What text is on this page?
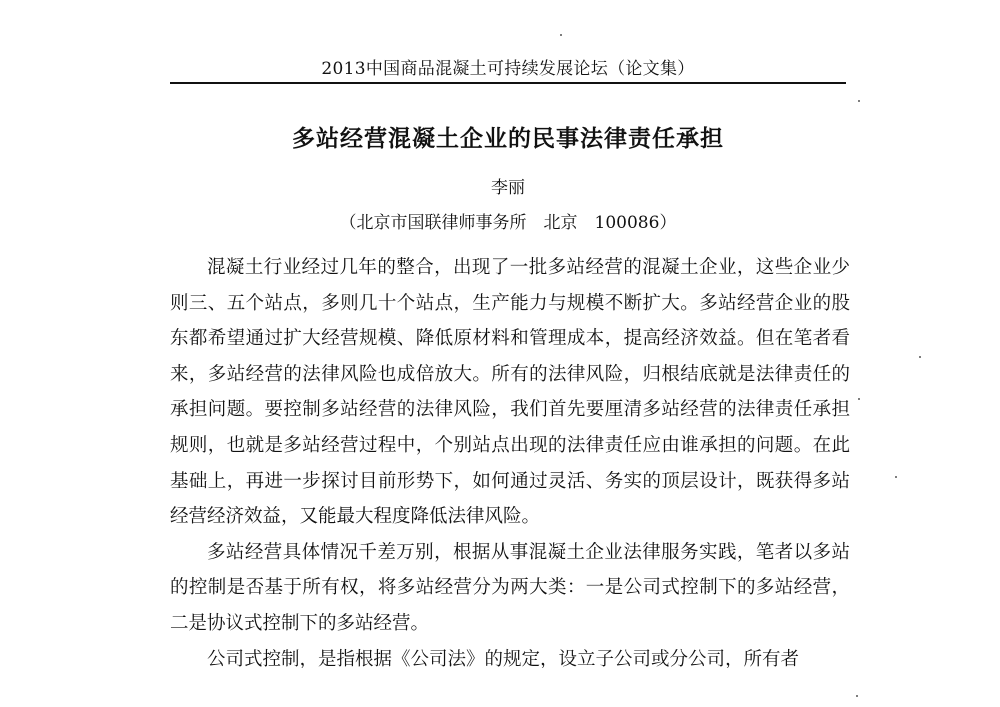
2013中国商品混凝土可持续发展论坛（论文集）
多站经营混凝土企业的民事法律责任承担
李丽
（北京市国联律师事务所　北京　100086）

混凝土行业经过几年的整合，出现了一批多站经营的混凝土企业，这些企业少则三、五个站点，多则几十个站点，生产能力与规模不断扩大。多站经营企业的股东都希望通过扩大经营规模、降低原材料和管理成本，提高经济效益。但在笔者看来，多站经营的法律风险也成倍放大。所有的法律风险，归根结底就是法律责任的承担问题。要控制多站经营的法律风险，我们首先要厘清多站经营的法律责任承担规则，也就是多站经营过程中，个别站点出现的法律责任应由谁承担的问题。在此基础上，再进一步探讨目前形势下，如何通过灵活、务实的顶层设计，既获得多站经营经济效益，又能最大程度降低法律风险。

多站经营具体情况千差万别，根据从事混凝土企业法律服务实践，笔者以多站的控制是否基于所有权，将多站经营分为两大类：一是公司式控制下的多站经营，二是协议式控制下的多站经营。

公司式控制，是指根据《公司法》的规定，设立子公司或分公司，所有者
